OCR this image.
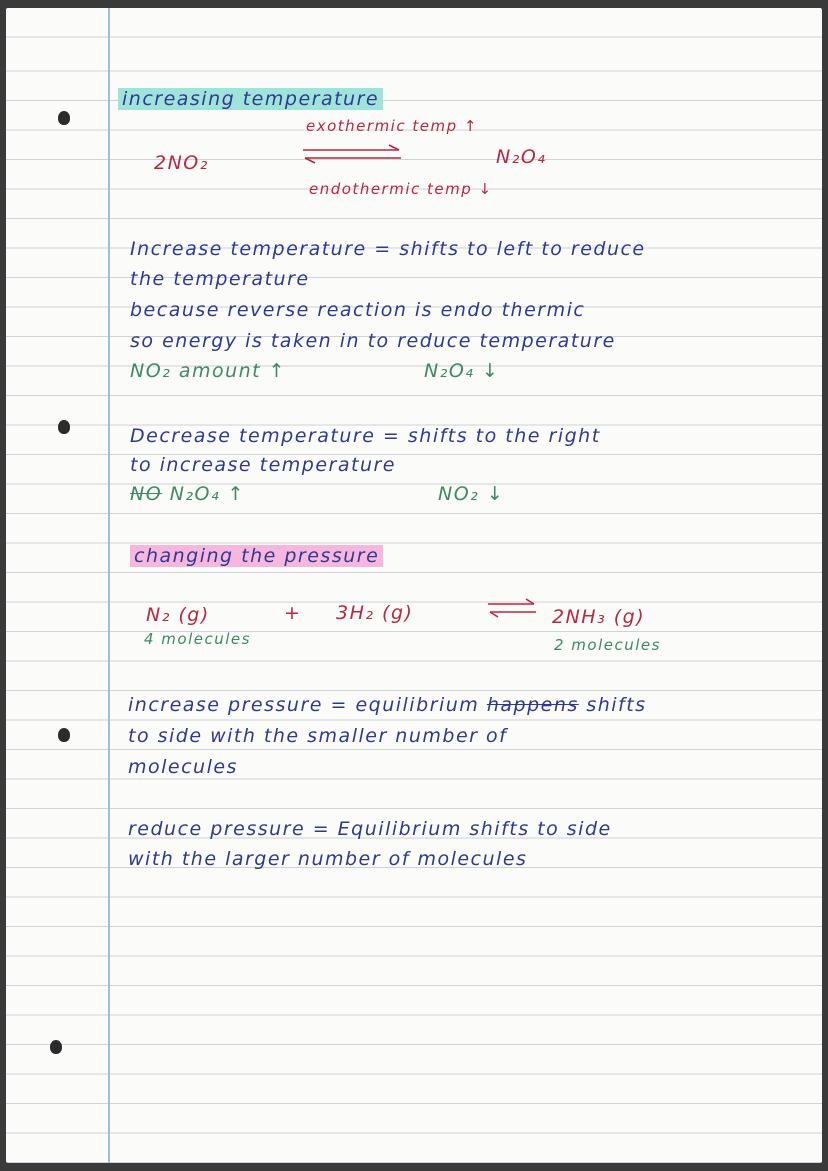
increasing temperature
exothermic temp ↑
2NO₂	N₂O₄
endothermic temp ↓
Increase temperature = shifts to left to reduce
the temperature
because reverse reaction is endo thermic
so energy is taken in to reduce temperature
NO₂ amount ↑	N₂O₄ ↓
Decrease temperature = shifts to the right
to increase temperature
NO N₂O₄ ↑	NO₂ ↓
changing the pressure
N₂ (g)	+ 3H₂ (g)	⇌ 2NH₃ (g)
4 molecules	2 molecules
increase pressure = equilibrium happens shifts
to side with the smaller number of
molecules
reduce pressure = Equilibrium shifts to side
with the larger number of molecules
